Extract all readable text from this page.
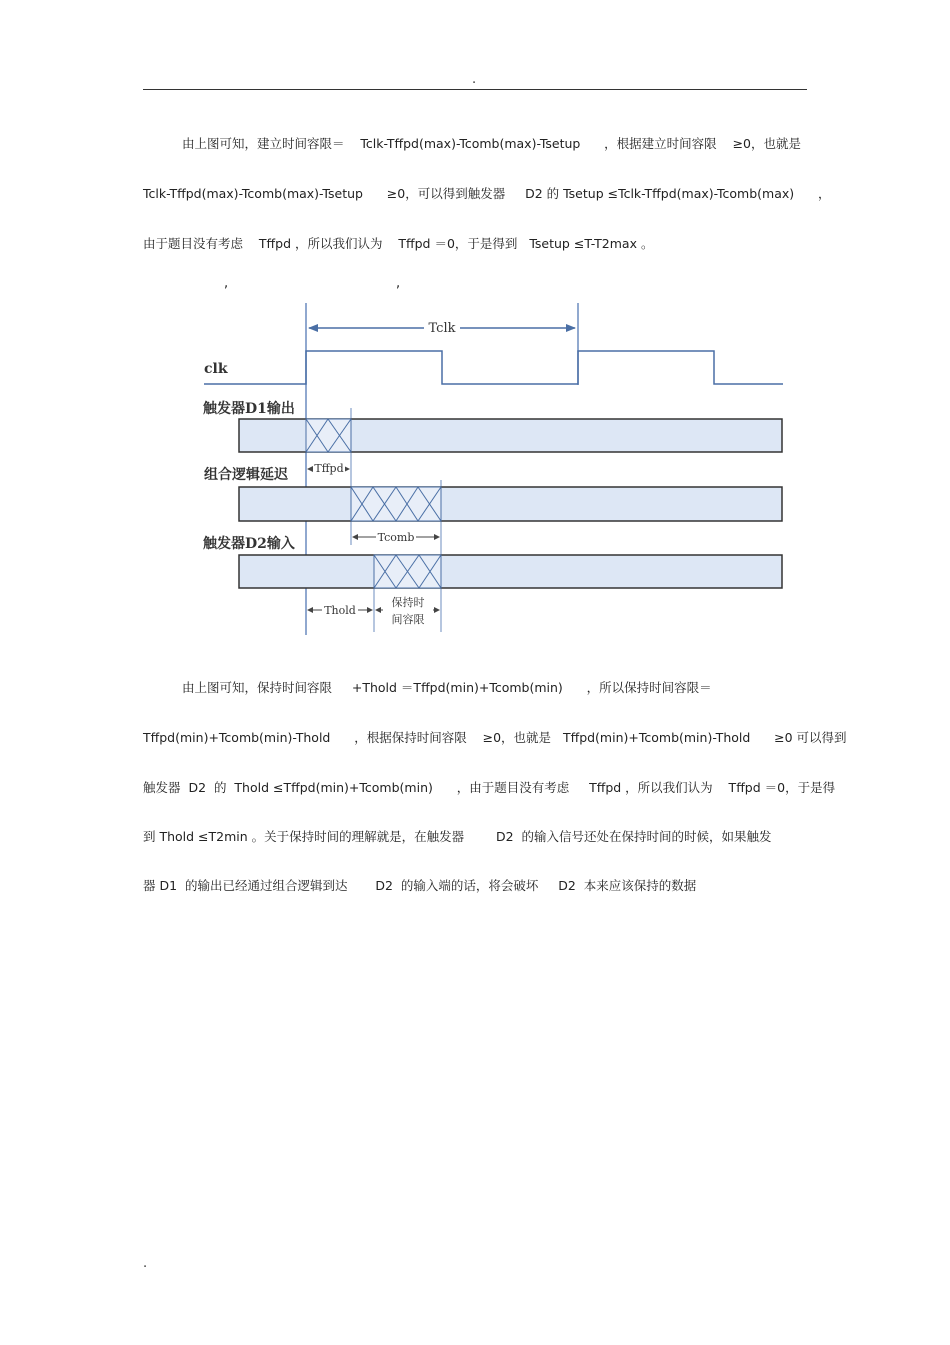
.
由上图可知，建立时间容限＝    Tclk-Tffpd(max)-Tcomb(max)-Tsetup      ，根据建立时间容限    ≥0，也就是
Tclk-Tffpd(max)-Tcomb(max)-Tsetup      ≥0，可以得到触发器     D2 的 Tsetup ≤Tclk-Tffpd(max)-Tcomb(max)      ，
由于题目没有考虑    Tffpd ，所以我们认为    Tffpd ＝0，于是得到   Tsetup ≤T-T2max 。
,	,
Tclk
clk
触发器D1输出
Tffpd
组合逻辑延迟
Tcomb
触发器D2输入
Thold
保持时
间容限
由上图可知，保持时间容限     +Thold ＝Tffpd(min)+Tcomb(min)      ，所以保持时间容限＝
Tffpd(min)+Tcomb(min)-Thold      ，根据保持时间容限    ≥0，也就是   Tffpd(min)+Tcomb(min)-Thold      ≥0 可以得到
触发器  D2  的  Thold ≤Tffpd(min)+Tcomb(min)      ，由于题目没有考虑     Tffpd ，所以我们认为    Tffpd ＝0，于是得
到 Thold ≤T2min 。关于保持时间的理解就是，在触发器        D2  的输入信号还处在保持时间的时候，如果触发
器 D1  的输出已经通过组合逻辑到达       D2  的输入端的话，将会破坏     D2  本来应该保持的数据
.
